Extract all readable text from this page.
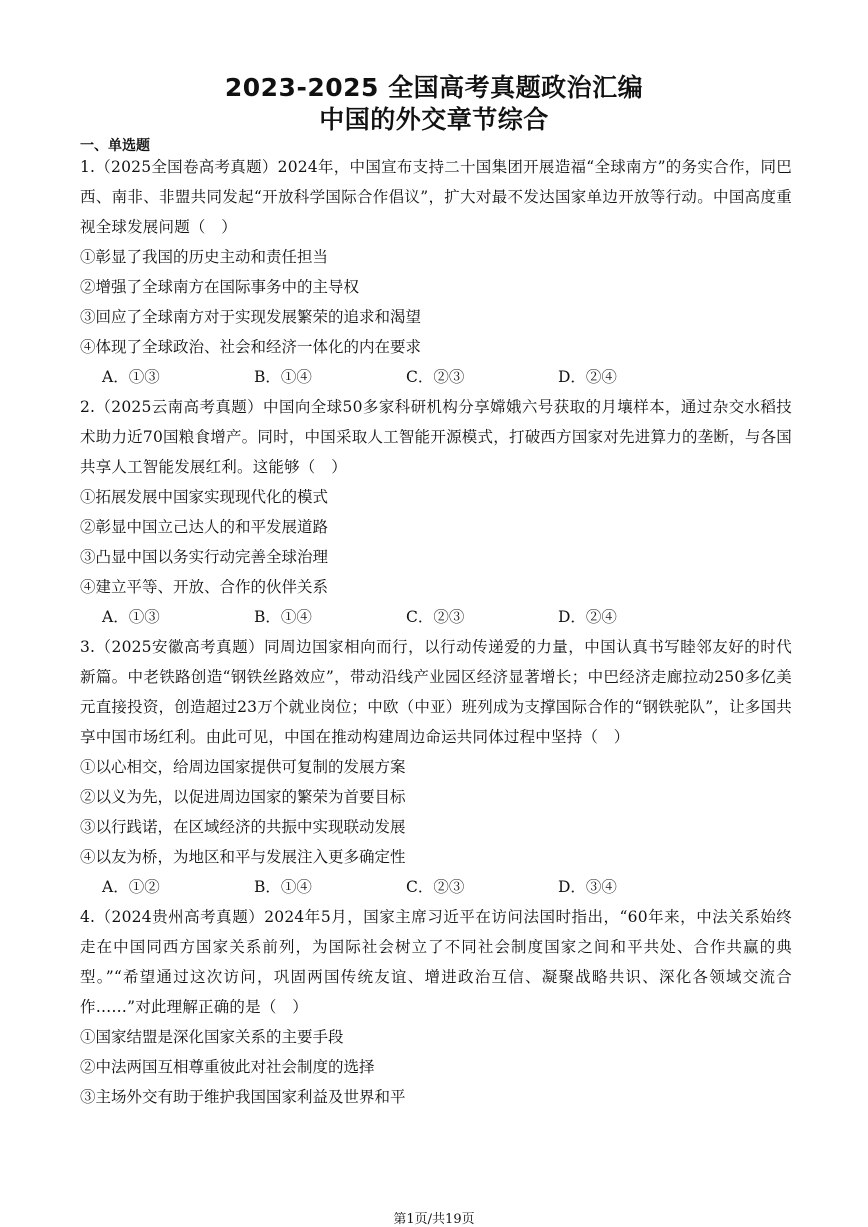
2023-2025 全国高考真题政治汇编
中国的外交章节综合
一、单选题
1.（2025全国卷高考真题）2024年，中国宣布支持二十国集团开展造福“全球南方”的务实合作，同巴西、南非、非盟共同发起“开放科学国际合作倡议”，扩大对最不发达国家单边开放等行动。中国高度重视全球发展问题（　）
①彰显了我国的历史主动和责任担当
②增强了全球南方在国际事务中的主导权
③回应了全球南方对于实现发展繁荣的追求和渴望
④体现了全球政治、社会和经济一体化的内在要求
A．①③	B．①④	C．②③	D．②④
2.（2025云南高考真题）中国向全球50多家科研机构分享嫦娥六号获取的月壤样本，通过杂交水稻技术助力近70国粮食增产。同时，中国采取人工智能开源模式，打破西方国家对先进算力的垄断，与各国共享人工智能发展红利。这能够（　）
①拓展发展中国家实现现代化的模式
②彰显中国立己达人的和平发展道路
③凸显中国以务实行动完善全球治理
④建立平等、开放、合作的伙伴关系
A．①③	B．①④	C．②③	D．②④
3.（2025安徽高考真题）同周边国家相向而行，以行动传递爱的力量，中国认真书写睦邻友好的时代新篇。中老铁路创造“钢铁丝路效应”，带动沿线产业园区经济显著增长；中巴经济走廊拉动250多亿美元直接投资，创造超过23万个就业岗位；中欧（中亚）班列成为支撑国际合作的“钢铁驼队”，让多国共享中国市场红利。由此可见，中国在推动构建周边命运共同体过程中坚持（　）
①以心相交，给周边国家提供可复制的发展方案
②以义为先，以促进周边国家的繁荣为首要目标
③以行践诺，在区域经济的共振中实现联动发展
④以友为桥，为地区和平与发展注入更多确定性
A．①②	B．①④	C．②③	D．③④
4.（2024贵州高考真题）2024年5月，国家主席习近平在访问法国时指出，“60年来，中法关系始终走在中国同西方国家关系前列，为国际社会树立了不同社会制度国家之间和平共处、合作共赢的典型。”“希望通过这次访问，巩固两国传统友谊、增进政治互信、凝聚战略共识、深化各领域交流合作……”对此理解正确的是（　）
①国家结盟是深化国家关系的主要手段
②中法两国互相尊重彼此对社会制度的选择
③主场外交有助于维护我国国家利益及世界和平
第1页/共19页
